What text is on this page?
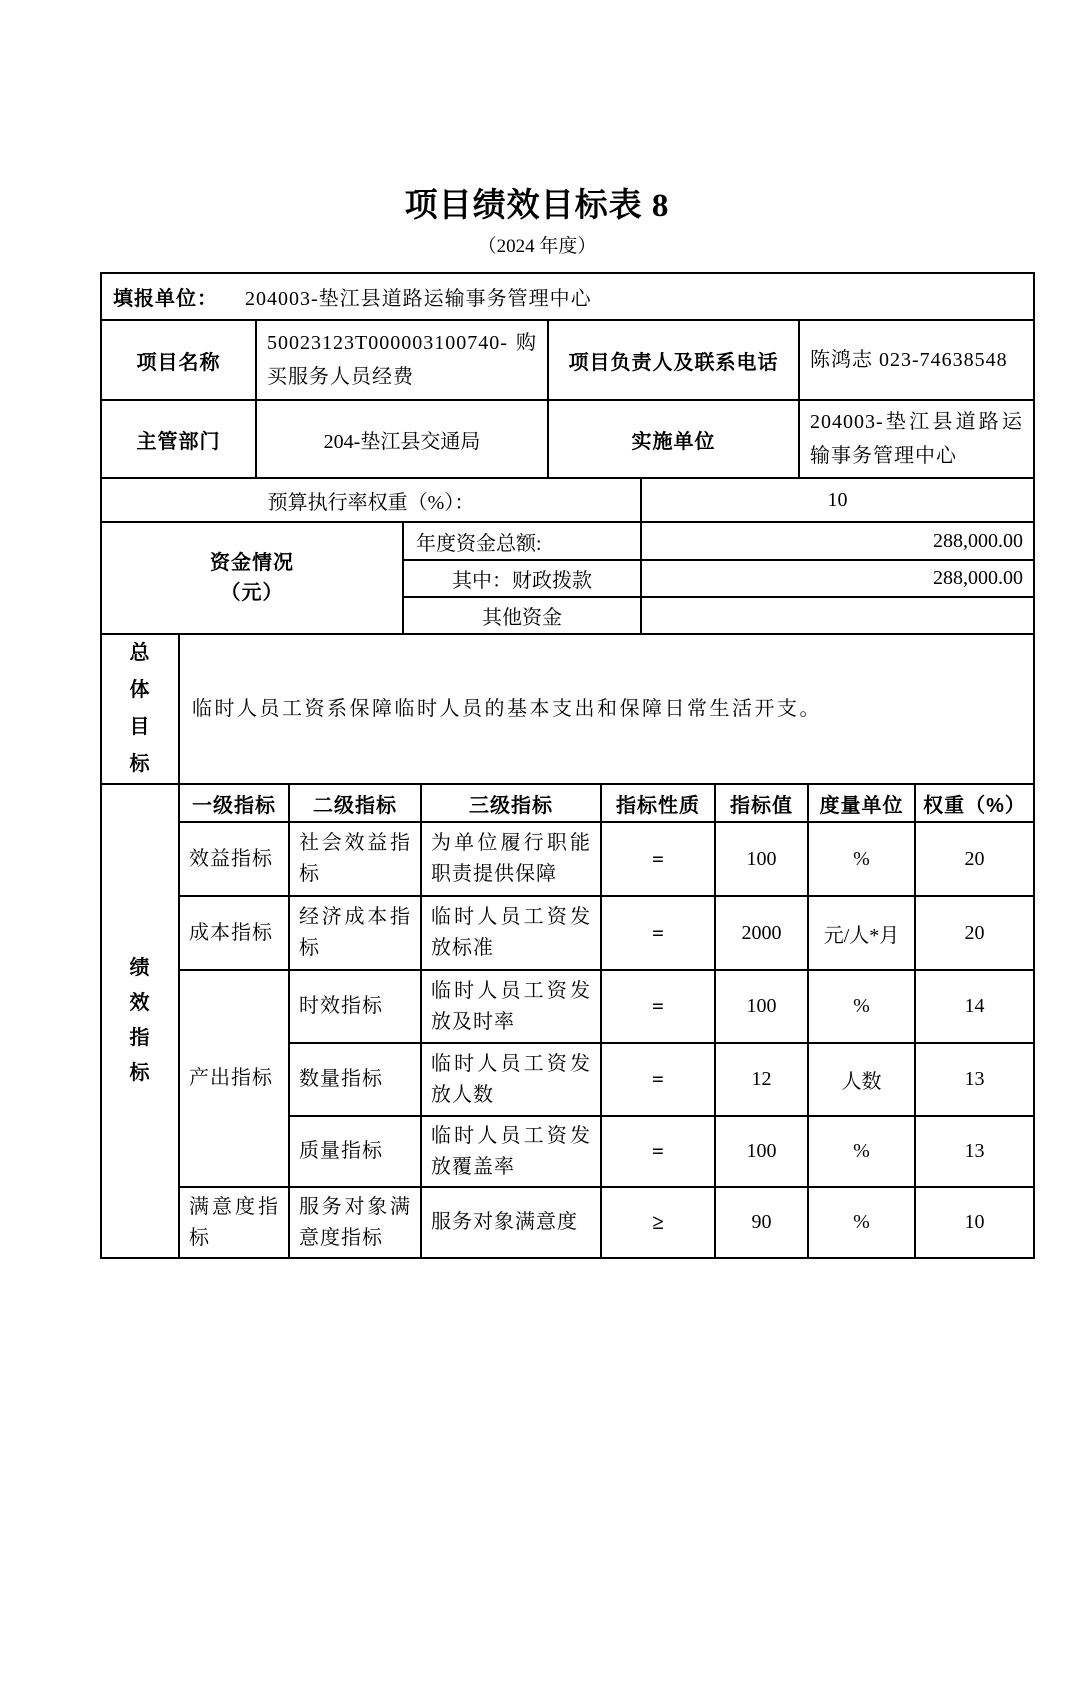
项目绩效目标表 8
（2024 年度）
填报单位： 204003-垫江县道路运输事务管理中心					
项目名称	50023123T000003100740-购买服务人员经费		项目负责人及联系电话		陈鸿志 023-74638548
主管部门	204-垫江县交通局		实施单位		204003-垫江县道路运输事务管理中心
预算执行率权重（%）：				10	

资金情况
（元）		年度资金总额:		288,000.00	
		其中：财政拨款		288,000.00	
		其他资金			
总体目标
	临时人员工资系保障临时人员的基本支出和保障日常生活开支。
绩效指标	一级指标	二级指标	三级指标	指标性质	指标值	度量单位	权重（%）
	效益指标	社会效益指标	为单位履行职能职责提供保障	=	100	%	20
	成本指标	经济成本指标	临时人员工资发放标准	=	2000	元/人*月	20
	产出指标	时效指标	临时人员工资发放及时率	=	100	%	14
		数量指标	临时人员工资发放人数	=	12	人数	13
		质量指标	临时人员工资发放覆盖率	=	100	%	13
	满意度指标	服务对象满意度指标	服务对象满意度	≥	90	%	10
